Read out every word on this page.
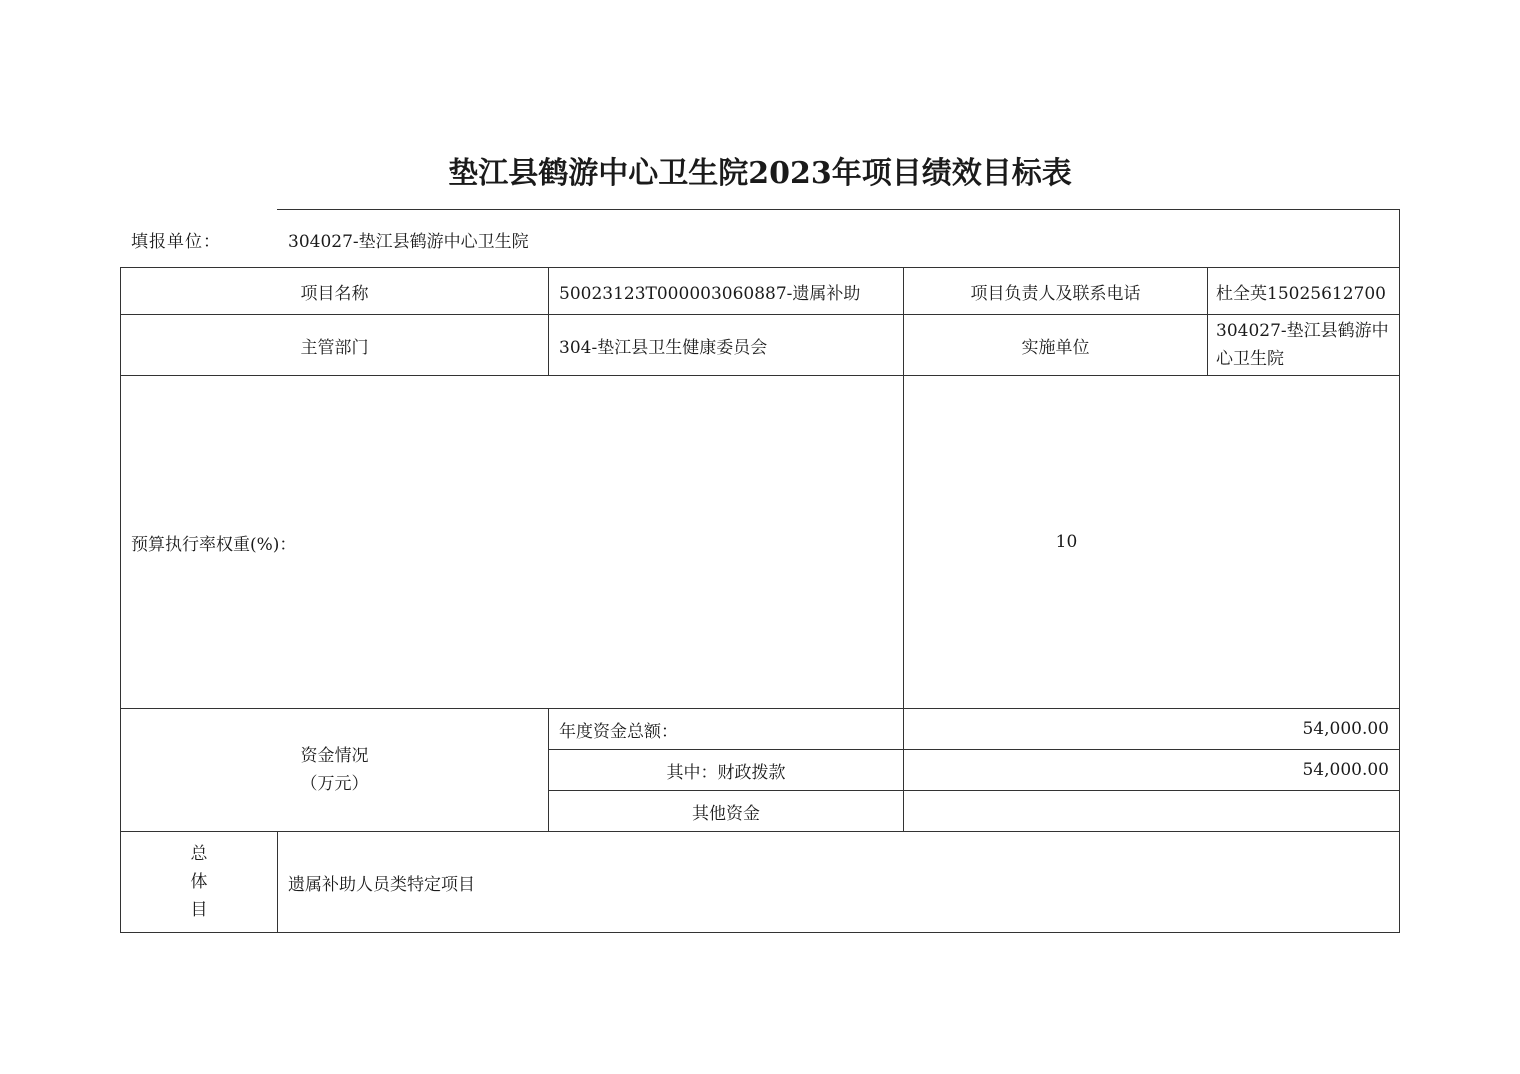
垫江县鹤游中心卫生院2023年项目绩效目标表
填报单位：	304027-垫江县鹤游中心卫生院
项目名称		50023123T000003060887-遗属补助	项目负责人及联系电话	杜全英15025612700
主管部门		304-垫江县卫生健康委员会	实施单位	304027-垫江县鹤游中心卫生院
预算执行率权重(%)：			10	

资金情况
（万元）		年度资金总额：	54,000.00	
		其中：财政拨款	54,000.00	
		其他资金		

总
体
目	遗属补助人员类特定项目			
